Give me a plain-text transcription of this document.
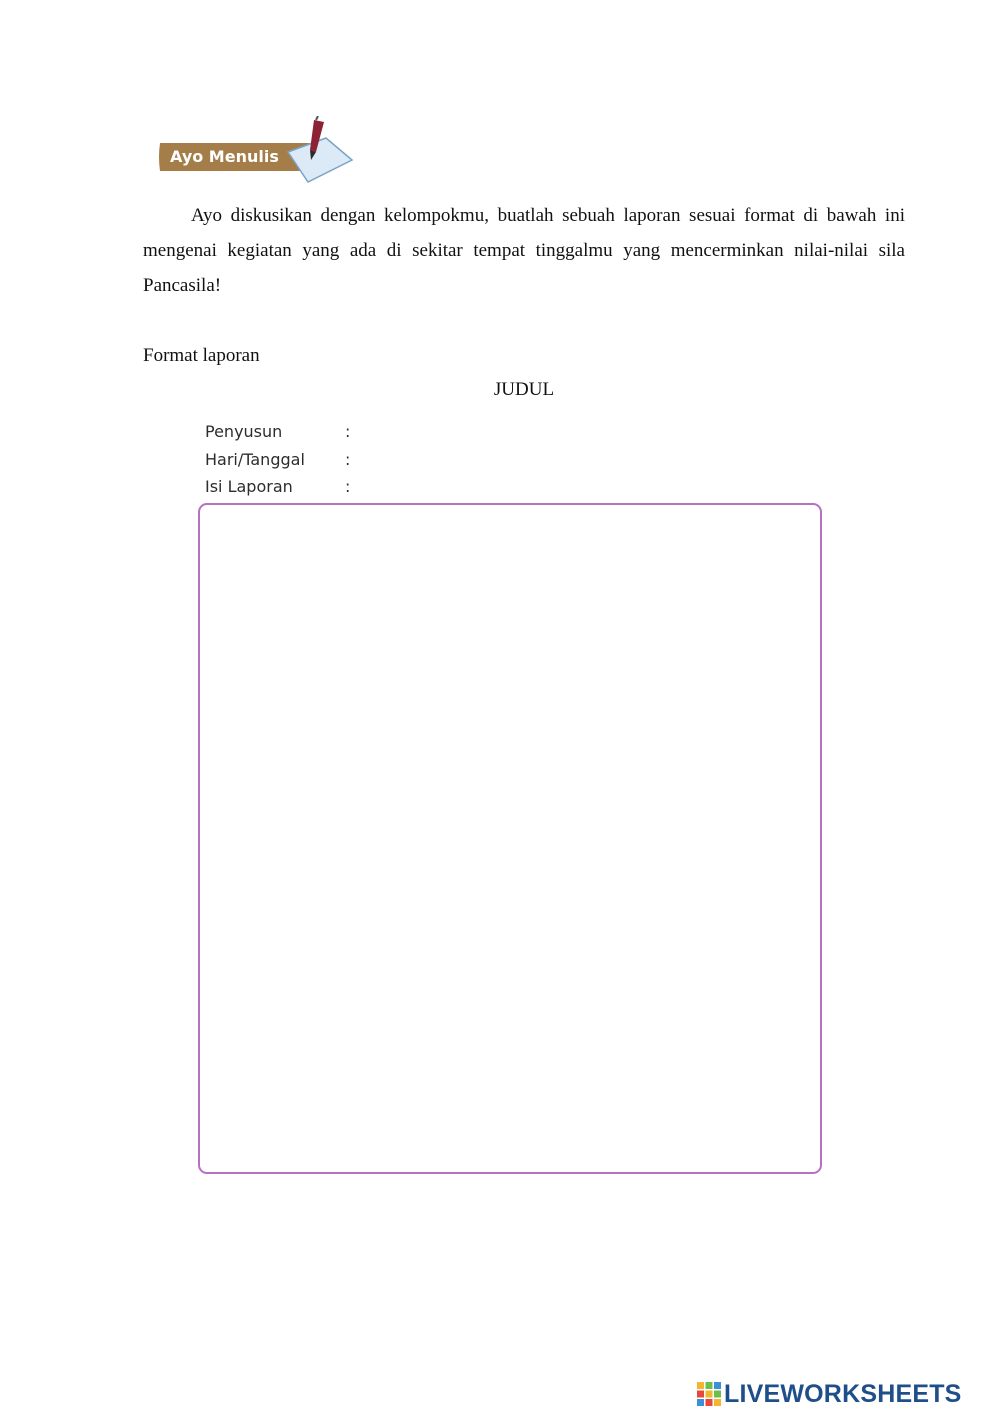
Ayo Menulis

Ayo diskusikan dengan kelompokmu, buatlah sebuah laporan sesuai format di bawah ini mengenai kegiatan yang ada di sekitar tempat tinggalmu yang mencerminkan nilai-nilai sila Pancasila!

Format laporan
JUDUL
Penyusun	:
Hari/Tanggal	:
Isi Laporan	:
LIVEWORKSHEETS
